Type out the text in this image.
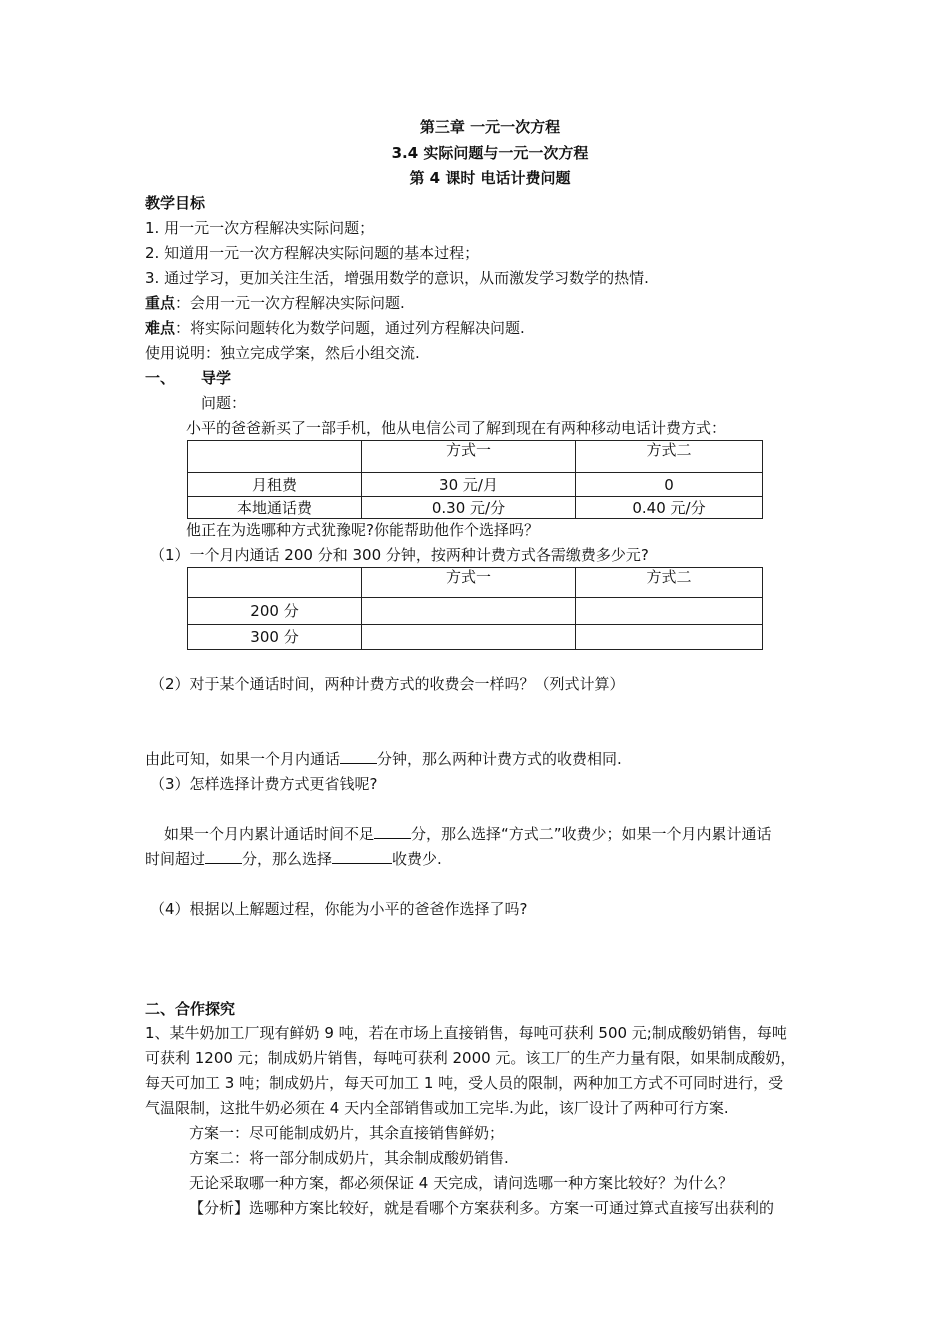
第三章 一元一次方程
3.4 实际问题与一元一次方程
第 4 课时 电话计费问题
教学目标
1. 用一元一次方程解决实际问题；
2. 知道用一元一次方程解决实际问题的基本过程；
3. 通过学习，更加关注生活，增强用数学的意识，从而激发学习数学的热情.
重点：会用一元一次方程解决实际问题.
难点：将实际问题转化为数学问题，通过列方程解决问题.
使用说明：独立完成学案，然后小组交流.
一、 导学
问题：
小平的爸爸新买了一部手机，他从电信公司了解到现在有两种移动电话计费方式：
	方式一	方式二
月租费	30 元/月	0
本地通话费	0.30 元/分	0.40 元/分
他正在为选哪种方式犹豫呢?你能帮助他作个选择吗？
（1）一个月内通话 200 分和 300 分钟，按两种计费方式各需缴费多少元?
	方式一	方式二
200 分		
300 分		
（2）对于某个通话时间，两种计费方式的收费会一样吗？（列式计算）
由此可知，如果一个月内通话 分钟，那么两种计费方式的收费相同.
（3）怎样选择计费方式更省钱呢?
如果一个月内累计通话时间不足 分，那么选择“方式二”收费少；如果一个月内累计通话
时间超过 分，那么选择	收费少.
（4）根据以上解题过程，你能为小平的爸爸作选择了吗?
二、合作探究
1、某牛奶加工厂现有鲜奶 9 吨，若在市场上直接销售，每吨可获利 500 元;制成酸奶销售，每吨
可获利 1200 元；制成奶片销售，每吨可获利 2000 元。该工厂的生产力量有限，如果制成酸奶，
每天可加工 3 吨；制成奶片，每天可加工 1 吨，受人员的限制，两种加工方式不可同时进行，受
气温限制，这批牛奶必须在 4 天内全部销售或加工完毕.为此，该厂设计了两种可行方案.
方案一：尽可能制成奶片，其余直接销售鲜奶；
方案二：将一部分制成奶片，其余制成酸奶销售.
无论采取哪一种方案，都必须保证 4 天完成，请问选哪一种方案比较好？为什么？
【分析】选哪种方案比较好，就是看哪个方案获利多。方案一可通过算式直接写出获利的
